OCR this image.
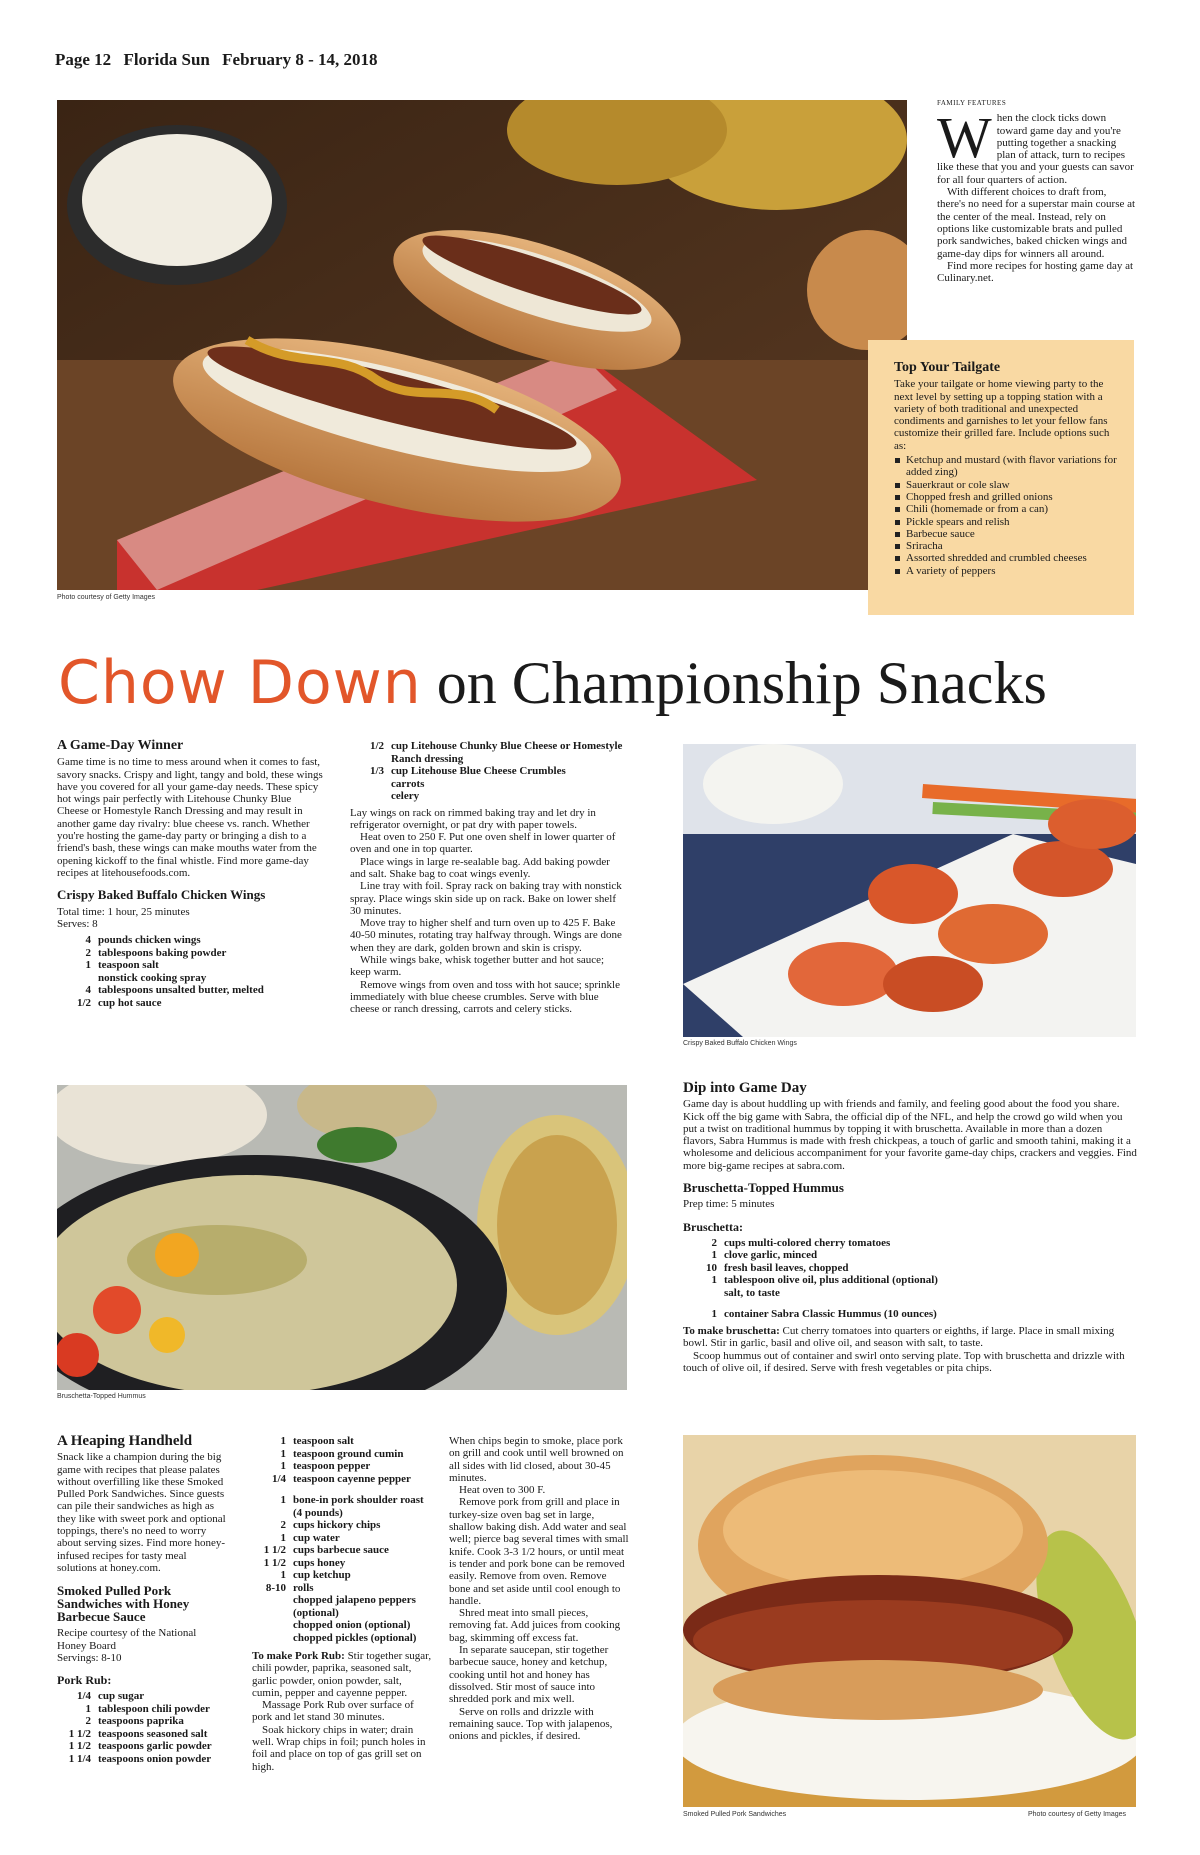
Page 12 Florida Sun February 8 - 14, 2018
Photo courtesy of Getty Images
FAMILY FEATURES

When the clock ticks down toward game day and you're putting together a snacking plan of attack, turn to recipes like these that you and your guests can savor for all four quarters of action.

With different choices to draft from, there's no need for a superstar main course at the center of the meal. Instead, rely on options like customizable brats and pulled pork sandwiches, baked chicken wings and game-day dips for winners all around.

Find more recipes for hosting game day at Culinary.net.

Top Your Tailgate
Take your tailgate or home viewing party to the next level by setting up a topping station with a variety of both traditional and unexpected condiments and garnishes to let your fellow fans customize their grilled fare. Include options such as:
Ketchup and mustard (with flavor variations for added zing)
Sauerkraut or cole slaw
Chopped fresh and grilled onions
Chili (homemade or from a can)
Pickle spears and relish
Barbecue sauce
Sriracha
Assorted shredded and crumbled cheeses
A variety of peppers
Chow Down on Championship Snacks
A Game-Day Winner

Game time is no time to mess around when it comes to fast, savory snacks. Crispy and light, tangy and bold, these wings have you covered for all your game-day needs. These spicy hot wings pair perfectly with Litehouse Chunky Blue Cheese or Homestyle Ranch Dressing and may result in another game day rivalry: blue cheese vs. ranch. Whether you're hosting the game-day party or bringing a dish to a friend's bash, these wings can make mouths water from the opening kickoff to the final whistle. Find more game-day recipes at litehousefoods.com.

Crispy Baked Buffalo Chicken Wings

Total time: 1 hour, 25 minutes

Serves: 8

4 pounds chicken wings
2 tablespoons baking powder
1 teaspoon salt
nonstick cooking spray
4 tablespoons unsalted butter, melted
1/2 cup hot sauce
1/2 cup Litehouse Chunky Blue Cheese or Homestyle Ranch dressing
1/3 cup Litehouse Blue Cheese Crumbles
carrots
celery

Lay wings on rack on rimmed baking tray and let dry in refrigerator overnight, or pat dry with paper towels.

Heat oven to 250 F. Put one oven shelf in lower quarter of oven and one in top quarter.

Place wings in large re-sealable bag. Add baking powder and salt. Shake bag to coat wings evenly.

Line tray with foil. Spray rack on baking tray with nonstick spray. Place wings skin side up on rack. Bake on lower shelf 30 minutes.

Move tray to higher shelf and turn oven up to 425 F. Bake 40-50 minutes, rotating tray halfway through. Wings are done when they are dark, golden brown and skin is crispy.

While wings bake, whisk together butter and hot sauce; keep warm.

Remove wings from oven and toss with hot sauce; sprinkle immediately with blue cheese crumbles. Serve with blue cheese or ranch dressing, carrots and celery sticks.

Crispy Baked Buffalo Chicken Wings
Bruschetta-Topped Hummus
Dip into Game Day

Game day is about huddling up with friends and family, and feeling good about the food you share. Kick off the big game with Sabra, the official dip of the NFL, and help the crowd go wild when you put a twist on traditional hummus by topping it with bruschetta. Available in more than a dozen flavors, Sabra Hummus is made with fresh chickpeas, a touch of garlic and smooth tahini, making it a wholesome and delicious accompaniment for your favorite game-day chips, crackers and veggies. Find more big-game recipes at sabra.com.

Bruschetta-Topped Hummus

Prep time: 5 minutes

Bruschetta:
2 cups multi-colored cherry tomatoes
1 clove garlic, minced
10 fresh basil leaves, chopped
1 tablespoon olive oil, plus additional (optional)
salt, to taste
1 container Sabra Classic Hummus (10 ounces)

To make bruschetta: Cut cherry tomatoes into quarters or eighths, if large. Place in small mixing bowl. Stir in garlic, basil and olive oil, and season with salt, to taste.

Scoop hummus out of container and swirl onto serving plate. Top with bruschetta and drizzle with touch of olive oil, if desired. Serve with fresh vegetables or pita chips.

A Heaping Handheld

Snack like a champion during the big game with recipes that please palates without overfilling like these Smoked Pulled Pork Sandwiches. Since guests can pile their sandwiches as high as they like with sweet pork and optional toppings, there's no need to worry about serving sizes. Find more honey-infused recipes for tasty meal solutions at honey.com.

Smoked Pulled Pork Sandwiches with Honey Barbecue Sauce

Recipe courtesy of the National Honey Board

Servings: 8-10

Pork Rub:
1/4 cup sugar
1 tablespoon chili powder
2 teaspoons paprika
1 1/2 teaspoons seasoned salt
1 1/2 teaspoons garlic powder
1 1/4 teaspoons onion powder
1 teaspoon salt
1 teaspoon ground cumin
1 teaspoon pepper
1/4 teaspoon cayenne pepper
1 bone-in pork shoulder roast (4 pounds)
2 cups hickory chips
1 cup water
1 1/2 cups barbecue sauce
1 1/2 cups honey
1 cup ketchup
8-10 rolls
chopped jalapeno peppers (optional)
chopped onion (optional)
chopped pickles (optional)

To make Pork Rub: Stir together sugar, chili powder, paprika, seasoned salt, garlic powder, onion powder, salt, cumin, pepper and cayenne pepper.

Massage Pork Rub over surface of pork and let stand 30 minutes.

Soak hickory chips in water; drain well. Wrap chips in foil; punch holes in foil and place on top of gas grill set on high.

When chips begin to smoke, place pork on grill and cook until well browned on all sides with lid closed, about 30-45 minutes.

Heat oven to 300 F.

Remove pork from grill and place in turkey-size oven bag set in large, shallow baking dish. Add water and seal well; pierce bag several times with small knife. Cook 3-3 1/2 hours, or until meat is tender and pork bone can be removed easily. Remove from oven. Remove bone and set aside until cool enough to handle.

Shred meat into small pieces, removing fat. Add juices from cooking bag, skimming off excess fat.

In separate saucepan, stir together barbecue sauce, honey and ketchup, cooking until hot and honey has dissolved. Stir most of sauce into shredded pork and mix well.

Serve on rolls and drizzle with remaining sauce. Top with jalapenos, onions and pickles, if desired.

Smoked Pulled Pork Sandwiches	Photo courtesy of Getty Images
